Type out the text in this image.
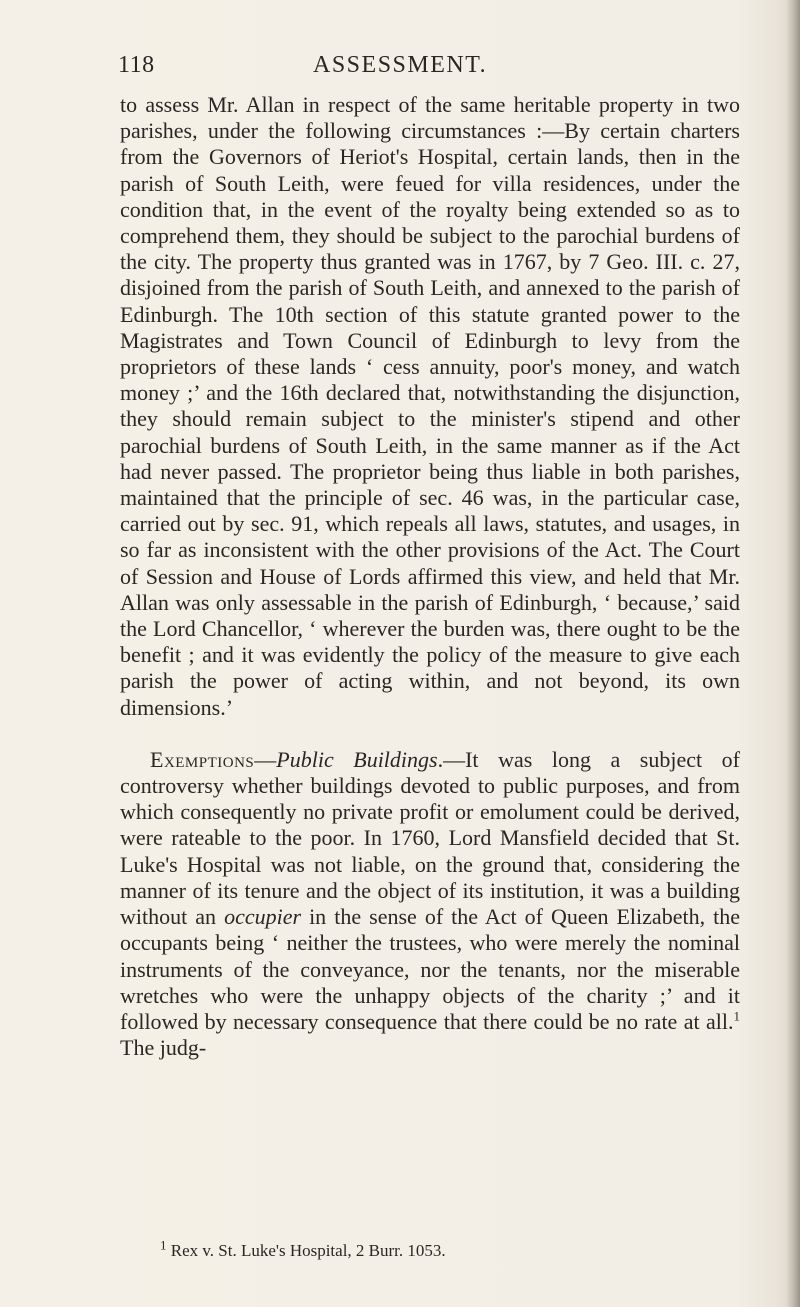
118	ASSESSMENT.

to assess Mr. Allan in respect of the same heritable property in two parishes, under the following circumstances :—By certain charters from the Governors of Heriot's Hospital, certain lands, then in the parish of South Leith, were feued for villa residences, under the condition that, in the event of the royalty being extended so as to comprehend them, they should be subject to the parochial burdens of the city. The property thus granted was in 1767, by 7 Geo. III. c. 27, disjoined from the parish of South Leith, and annexed to the parish of Edinburgh. The 10th section of this statute granted power to the Magistrates and Town Council of Edinburgh to levy from the proprietors of these lands ‘ cess annuity, poor's money, and watch money ;’ and the 16th declared that, notwithstanding the disjunction, they should remain subject to the minister's stipend and other parochial burdens of South Leith, in the same manner as if the Act had never passed. The proprietor being thus liable in both parishes, maintained that the principle of sec. 46 was, in the particular case, carried out by sec. 91, which repeals all laws, statutes, and usages, in so far as inconsistent with the other provisions of the Act. The Court of Session and House of Lords affirmed this view, and held that Mr. Allan was only assessable in the parish of Edinburgh, ‘ because,’ said the Lord Chancellor, ‘ wherever the burden was, there ought to be the benefit ; and it was evidently the policy of the measure to give each parish the power of acting within, and not beyond, its own dimensions.’

Exemptions—Public Buildings.—It was long a subject of controversy whether buildings devoted to public purposes, and from which consequently no private profit or emolument could be derived, were rateable to the poor. In 1760, Lord Mansfield decided that St. Luke's Hospital was not liable, on the ground that, considering the manner of its tenure and the object of its institution, it was a building without an occupier in the sense of the Act of Queen Elizabeth, the occupants being ‘ neither the trustees, who were merely the nominal instruments of the conveyance, nor the tenants, nor the miserable wretches who were the unhappy objects of the charity ;’ and it followed by necessary consequence that there could be no rate at all.$^1$ The judg-

$^1$ Rex v. St. Luke's Hospital, 2 Burr. 1053.
